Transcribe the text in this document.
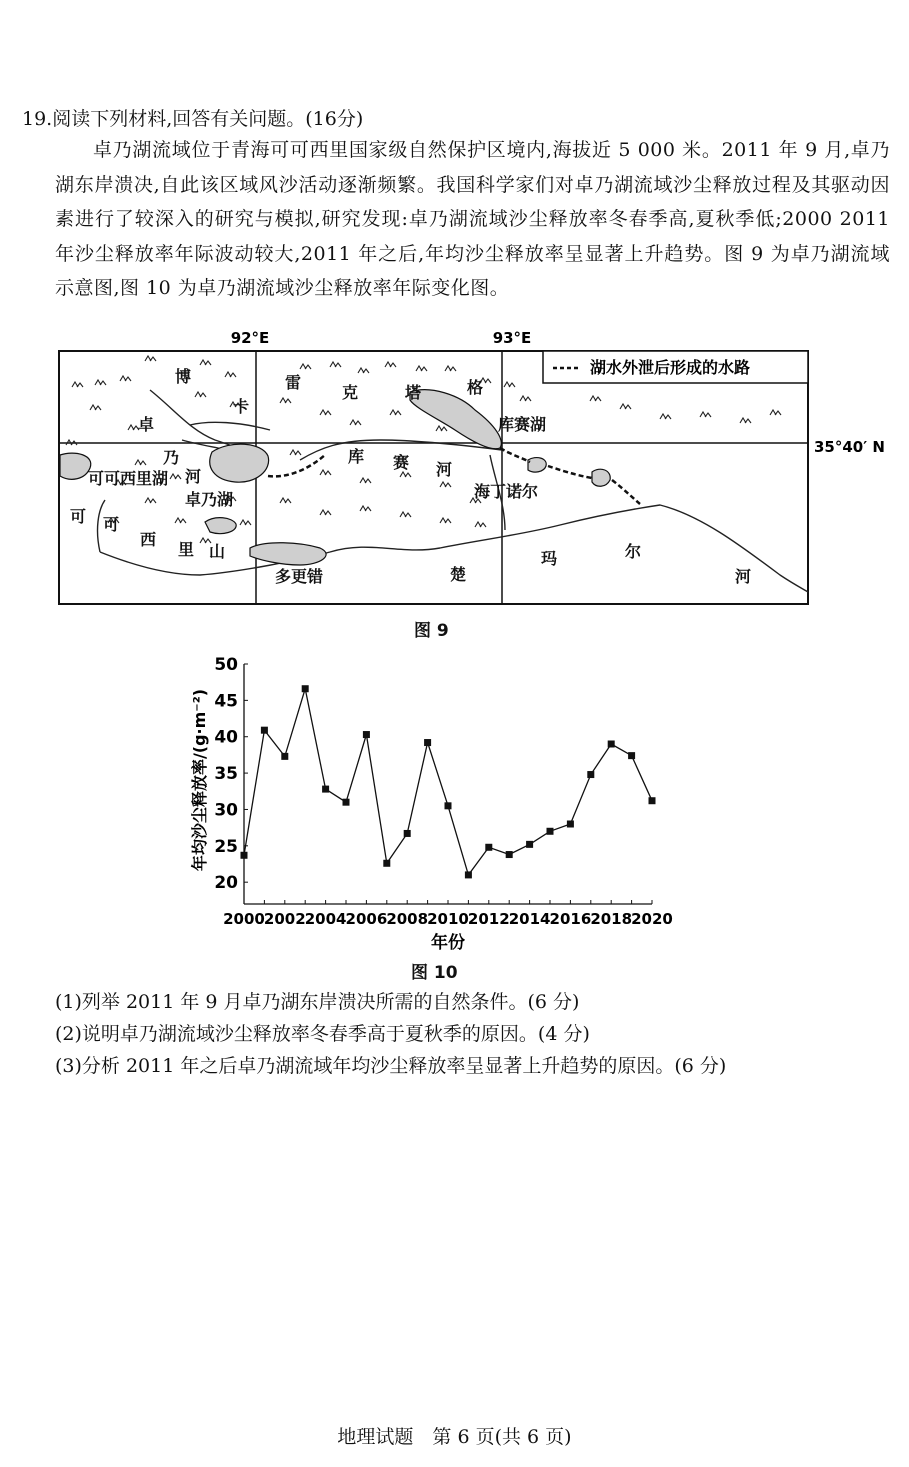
19.阅读下列材料,回答有关问题。(16分)
卓乃湖流域位于青海可可西里国家级自然保护区境内,海拔近 5 000 米。2011 年 9 月,卓乃湖东岸溃决,自此该区域风沙活动逐渐频繁。我国科学家们对卓乃湖流域沙尘释放过程及其驱动因素进行了较深入的研究与模拟,研究发现:卓乃湖流域沙尘释放率冬春季高,夏秋季低;2000 2011 年沙尘释放率年际波动较大,2011 年之后,年均沙尘释放率呈显著上升趋势。图 9 为卓乃湖流域示意图,图 10 为卓乃湖流域沙尘释放率年际变化图。
92°E	93°E
35°40′ N
湖水外泄后形成的水路
博
卡
雷
克	塔	格
库赛湖
卓
乃
河
可可西里湖
卓乃湖
库 赛 河
海丁诺尔
可 可
西
里 山
多更错	楚
玛	尔
河
图 9
20
25
30
35
40
45
50
2000 2002 2004 2006 2008 2010 2012 2014 2016 2018 2020
年均沙尘释放率/(g·m⁻²)
年份
图 10
(1)列举 2011 年 9 月卓乃湖东岸溃决所需的自然条件。(6 分)
(2)说明卓乃湖流域沙尘释放率冬春季高于夏秋季的原因。(4 分)
(3)分析 2011 年之后卓乃湖流域年均沙尘释放率呈显著上升趋势的原因。(6 分)
地理试题　第 6 页(共 6 页)
